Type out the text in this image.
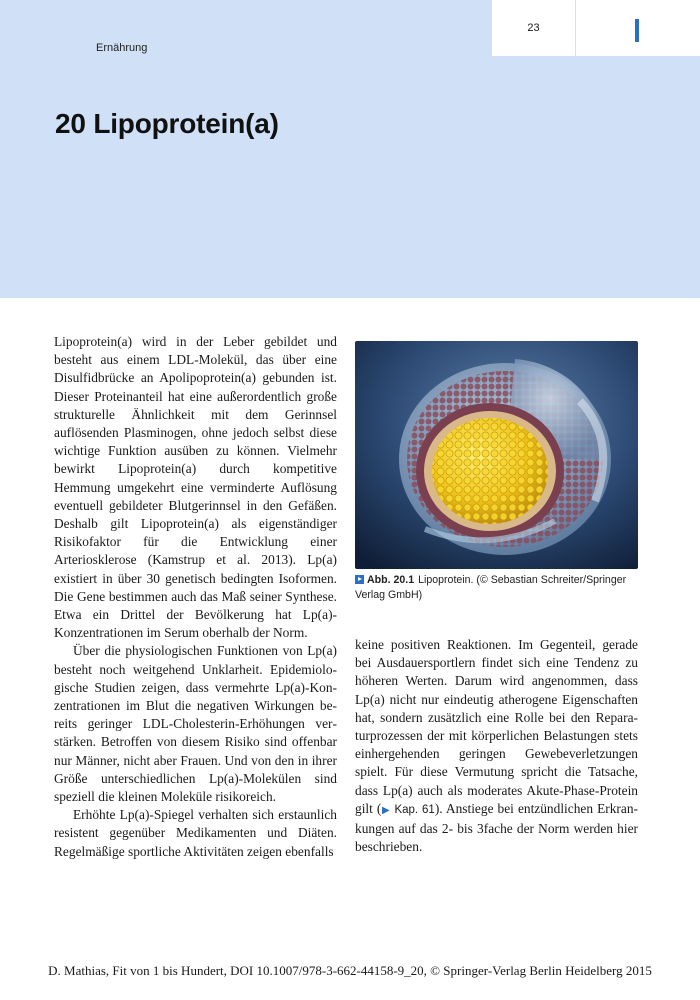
23
Ernährung
20 Lipoprotein(a)

Lipoprotein(a) wird in der Leber gebildet und besteht aus einem LDL-Molekül, das über eine Disulfidbrücke an Apolipoprotein(a) gebunden ist. Dieser Proteinanteil hat eine außerordentlich große strukturelle Ähnlichkeit mit dem Gerinnsel auflösenden Plasminogen, ohne jedoch selbst diese wichtige Funktion ausüben zu können. Vielmehr bewirkt Lipoprotein(a) durch kompetitive Hemmung umgekehrt eine verminderte Auflösung eventuell gebildeter Blutgerinnsel in den Gefäßen. Deshalb gilt Lipoprotein(a) als eigenständiger Risikofaktor für die Entwicklung einer Arteriosklerose (Kamstrup et al. 2013). Lp(a) existiert in über 30 genetisch bedingten Isoformen. Die Gene bestimmen auch das Maß seiner Synthese. Etwa ein Drittel der Bevölkerung hat Lp(a)-Konzentrationen im Serum oberhalb der Norm.

Über die physiologischen Funktionen von Lp(a) besteht noch weitgehend Unklarheit. Epidemiologische Studien zeigen, dass vermehrte Lp(a)-Konzentrationen im Blut die negativen Wirkungen bereits geringer LDL-Cholesterin-Erhöhungen verstärken. Betroffen von diesem Risiko sind offenbar nur Männer, nicht aber Frauen. Und von den in ihrer Größe unterschiedlichen Lp(a)-Molekülen sind speziell die kleinen Moleküle risikoreich.

Erhöhte Lp(a)-Spiegel verhalten sich erstaunlich resistent gegenüber Medikamenten und Diäten. Regelmäßige sportliche Aktivitäten zeigen ebenfalls

Abb. 20.1 Lipoprotein. (© Sebastian Schreiter/Springer Verlag GmbH)

keine positiven Reaktionen. Im Gegenteil, gerade bei Ausdauersportlern findet sich eine Tendenz zu höheren Werten. Darum wird angenommen, dass Lp(a) nicht nur eindeutig atherogene Eigenschaften hat, sondern zusätzlich eine Rolle bei den Reparaturprozessen der mit körperlichen Belastungen stets einhergehenden geringen Gewebeverletzungen spielt. Für diese Vermutung spricht die Tatsache, dass Lp(a) auch als moderates Akute-Phase-Protein gilt (▶ Kap. 61). Anstiege bei entzündlichen Erkrankungen auf das 2- bis 3fache der Norm werden hier beschrieben.

D. Mathias, Fit von 1 bis Hundert, DOI 10.1007/978-3-662-44158-9_20, © Springer-Verlag Berlin Heidelberg 2015
